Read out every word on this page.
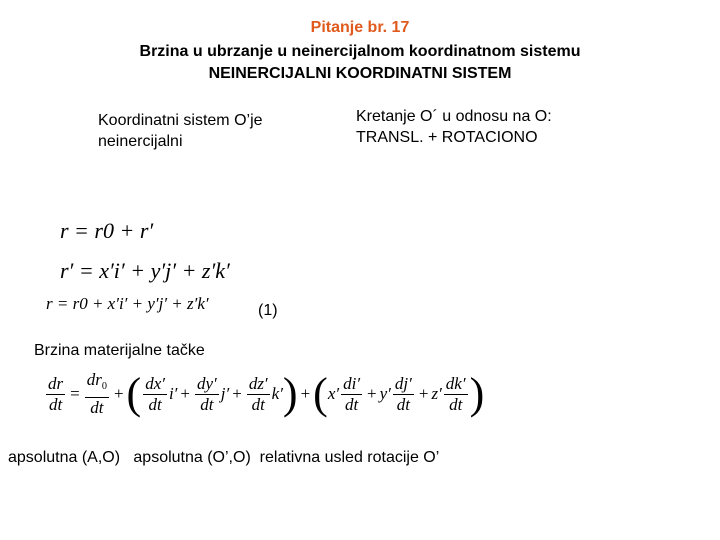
Pitanje br. 17
Brzina u ubrzanje u neinercijalnom koordinatnom sistemu
NEINERCIJALNI KOORDINATNI SISTEM
Koordinatni sistem O’je
neinercijalni
Kretanje O´ u odnosu na O:
TRANSL. + ROTACIONO
r = r0 + r′
r′ = x′i′ + y′j′ + z′k′
r = r0 + x′i′ + y′j′ + z′k′	(1)
Brzina materijalne tačke
$\frac{dr}{dt} = \frac{dr_0}{dt}$ +( $\frac{dx'}{dt} i' + \frac{dy'}{dt} j' + \frac{dz'}{dt} k') +(x' \frac{di'}{dt} + y' \frac{dj'}{dt} + z' \frac{dk'}{dt}$ )
apsolutna (A,O)   apsolutna (O’,O)  relativna usled rotacije O’
